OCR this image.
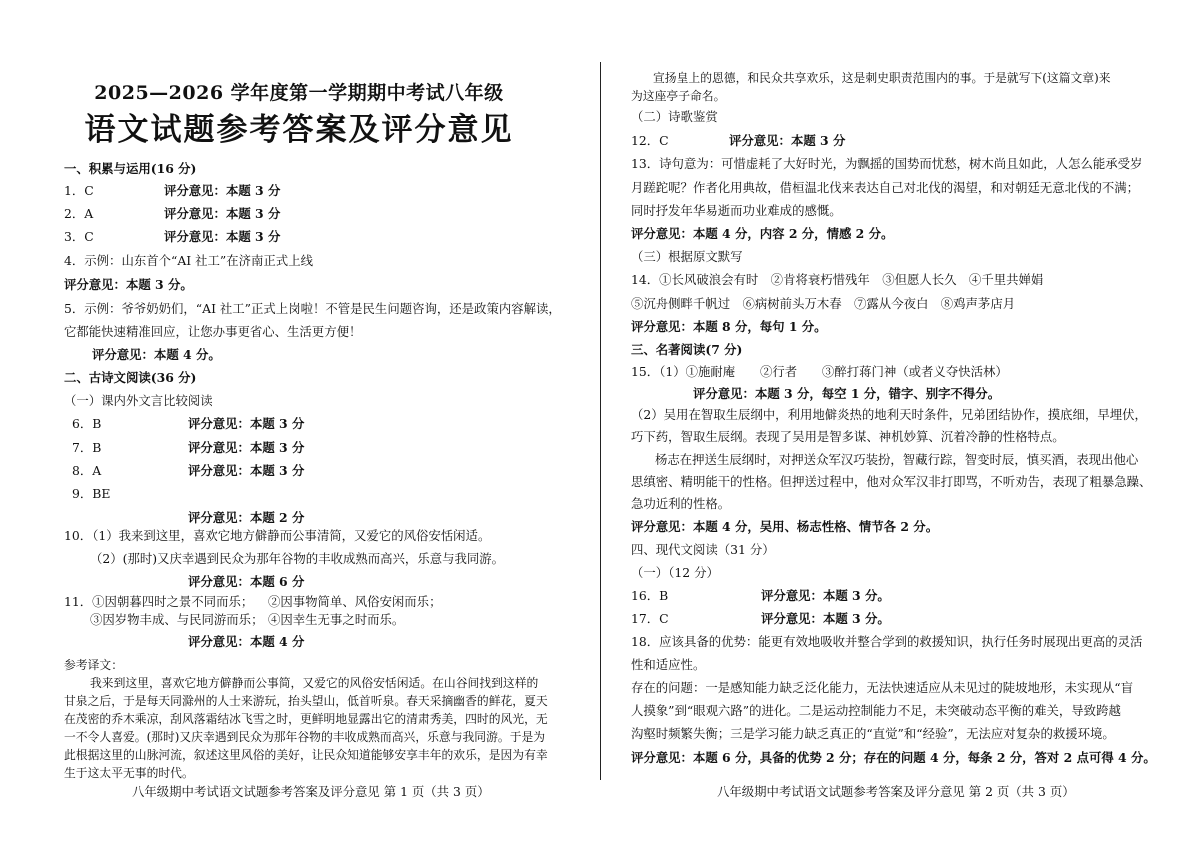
2025—2026 学年度第一学期期中考试八年级
语文试题参考答案及评分意见
一、积累与运用(16 分)
1．C	评分意见：本题 3 分
2．A	评分意见：本题 3 分
3．C	评分意见：本题 3 分
4．示例：山东首个“AI 社工”在济南正式上线
评分意见：本题 3 分。
5．示例：爷爷奶奶们，“AI 社工”正式上岗啦！不管是民生问题咨询，还是政策内容解读，
它都能快速精准回应，让您办事更省心、生活更方便！
评分意见：本题 4 分。
二、古诗文阅读(36 分)
（一）课内外文言比较阅读
6．B	评分意见：本题 3 分
7．B	评分意见：本题 3 分
8．A	评分意见：本题 3 分
9．BE
评分意见：本题 2 分
10．（1）我来到这里，喜欢它地方僻静而公事清简，又爱它的风俗安恬闲适。
（2）(那时)又庆幸遇到民众为那年谷物的丰收成熟而高兴，乐意与我同游。
评分意见：本题 6 分
11．①因朝暮四时之景不同而乐； ②因事物简单、风俗安闲而乐；
③因岁物丰成、与民同游而乐； ④因幸生无事之时而乐。
评分意见：本题 4 分
参考译文：
我来到这里，喜欢它地方僻静而公事简，又爱它的风俗安恬闲适。在山谷间找到这样的
甘泉之后，于是每天同滁州的人士来游玩，抬头望山，低首听泉。春天采摘幽香的鲜花，夏天
在茂密的乔木乘凉，刮风落霜结冰飞雪之时，更鲜明地显露出它的清肃秀美，四时的风光，无
一不令人喜爱。(那时)又庆幸遇到民众为那年谷物的丰收成熟而高兴，乐意与我同游。于是为
此根据这里的山脉河流，叙述这里风俗的美好，让民众知道能够安享丰年的欢乐，是因为有幸
生于这太平无事的时代。
八年级期中考试语文试题参考答案及评分意见 第 1 页（共 3 页）
宣扬皇上的恩德，和民众共享欢乐，这是刺史职责范围内的事。于是就写下(这篇文章)来
为这座亭子命名。
（二）诗歌鉴赏
12．C	评分意见：本题 3 分
13．诗句意为：可惜虚耗了大好时光，为飘摇的国势而忧愁，树木尚且如此，人怎么能承受岁
月蹉跎呢？作者化用典故，借桓温北伐来表达自己对北伐的渴望，和对朝廷无意北伐的不满；
同时抒发年华易逝而功业难成的感慨。
评分意见：本题 4 分，内容 2 分，情感 2 分。
（三）根据原文默写
14．①长风破浪会有时　②肯将衰朽惜残年　③但愿人长久　④千里共婵娟
⑤沉舟侧畔千帆过　⑥病树前头万木春　⑦露从今夜白　⑧鸡声茅店月
评分意见：本题 8 分，每句 1 分。
三、名著阅读(7 分)
15．（1）①施耐庵　　②行者　　③醉打蒋门神（或者义夺快活林）
评分意见：本题 3 分，每空 1 分，错字、别字不得分。
（2）吴用在智取生辰纲中，利用地僻炎热的地利天时条件，兄弟团结协作，摸底细，早埋伏，
巧下药，智取生辰纲。表现了吴用是智多谋、神机妙算、沉着冷静的性格特点。
杨志在押送生辰纲时，对押送众军汉巧装扮，智藏行踪，智变时辰，慎买酒，表现出他心
思缜密、精明能干的性格。但押送过程中，他对众军汉非打即骂，不听劝告，表现了粗暴急躁、
急功近利的性格。
评分意见：本题 4 分，吴用、杨志性格、情节各 2 分。
四、现代文阅读（31 分）
（一）（12 分）
16．B	评分意见：本题 3 分。
17．C	评分意见：本题 3 分。
18．应该具备的优势：能更有效地吸收并整合学到的救援知识，执行任务时展现出更高的灵活
性和适应性。
存在的问题：一是感知能力缺乏泛化能力，无法快速适应从未见过的陡坡地形，未实现从“盲
人摸象”到“眼观六路”的进化。二是运动控制能力不足，未突破动态平衡的难关，导致跨越
沟壑时频繁失衡；三是学习能力缺乏真正的“直觉”和“经验”，无法应对复杂的救援环境。
评分意见：本题 6 分，具备的优势 2 分；存在的问题 4 分，每条 2 分，答对 2 点可得 4 分。
八年级期中考试语文试题参考答案及评分意见 第 2 页（共 3 页）
